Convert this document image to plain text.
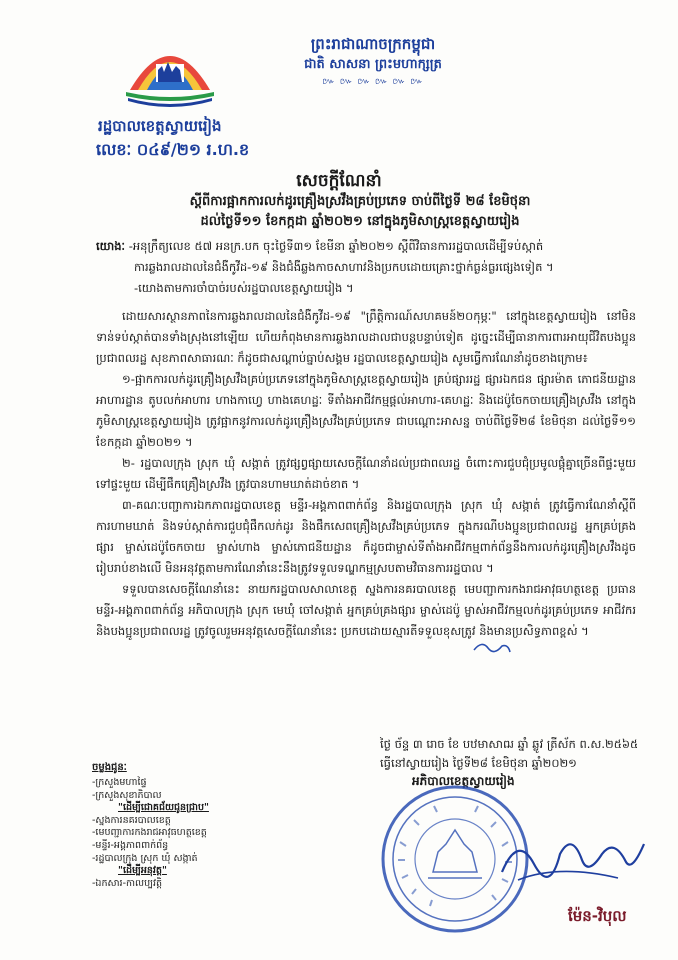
ព្រះរាជាណាចក្រកម្ពុជា
ជាតិ សាសនា ព្រះមហាក្សត្រ
៚ ៚ ៚ ៚ ៚ ៚
រដ្ឋបាលខេត្តស្វាយរៀង
លេខៈ ០៤៩/២១ រ.ហ.ខ
សេចក្តីណែនាំ
ស្តីពីការផ្អាកការលក់ដូរគ្រឿងស្រវឹងគ្រប់ប្រភេទ ចាប់ពីថ្ងៃទី ២៨ ខែមិថុនា
ដល់ថ្ងៃទី១១ ខែកក្កដា ឆ្នាំ២០២១ នៅក្នុងភូមិសាស្ត្រខេត្តស្វាយរៀង
យោងៈ -អនុក្រឹត្យលេខ ៥៧ អនក្រ.បក ចុះថ្ងៃទី៣១ ខែមីនា ឆ្នាំ២០២១ ស្តីពីវិធានការរដ្ឋបាលដើម្បីទប់ស្កាត់
ការឆ្លងរាលដាលនៃជំងឺកូវីដ-១៩ និងជំងឺឆ្លងកាចសាហាវនិងប្រកបដោយគ្រោះថ្នាក់ធ្ងន់ធ្ងរផ្សេងទៀត ។
-យោងតាមការចាំបាច់របស់រដ្ឋបាលខេត្តស្វាយរៀង ។
ដោយសារស្ថានភាពនៃការឆ្លងរាលដាលនៃជំងឺកូវីដ-១៩ "ព្រឹត្តិការណ៍សហគមន៍២០កុម្ភៈ" នៅក្នុងខេត្តស្វាយរៀង នៅមិនទាន់ទប់ស្កាត់បានទាំងស្រុងនៅឡើយ ហើយកំពុងមានការឆ្លងរាលដាលជាបន្តបន្ទាប់ទៀត ដូច្នេះដើម្បីធានាការពារអាយុជីវិតបងប្អូនប្រជាពលរដ្ឋ សុខភាពសាធារណៈ ក៏ដូចជាសណ្តាប់ធ្នាប់សង្គម រដ្ឋបាលខេត្តស្វាយរៀង សូមធ្វើការណែនាំដូចខាងក្រោម៖
១-ផ្អាកការលក់ដូរគ្រឿងស្រវឹងគ្រប់ប្រភេទនៅក្នុងភូមិសាស្ត្រខេត្តស្វាយរៀង គ្រប់ផ្សាររដ្ឋ ផ្សារឯកជន ផ្សារម៉ាត ភោជនីយដ្ឋាន អាហារដ្ឋាន តូបលក់អាហារ ហាងកាហ្វេ ហាងគេហដ្ឋៈ ទីតាំងអាជីវកម្មផ្តល់អាហារ-គេហដ្ឋៈ និងដេប៉ូចែកចាយគ្រឿងស្រវឹង នៅក្នុងភូមិសាស្ត្រខេត្តស្វាយរៀង ត្រូវផ្អាកនូវការលក់ដូរគ្រឿងស្រវឹងគ្រប់ប្រភេទ ជាបណ្តោះអាសន្ន ចាប់ពីថ្ងៃទី២៨ ខែមិថុនា ដល់ថ្ងៃទី១១ ខែកក្កដា ឆ្នាំ២០២១ ។
២- រដ្ឋបាលក្រុង ស្រុក ឃុំ សង្កាត់ ត្រូវផ្សព្វផ្សាយសេចក្តីណែនាំដល់ប្រជាពលរដ្ឋ ចំពោះការជួបជុំប្រមូលផ្តុំគ្នាច្រើនពីផ្ទះមួយទៅផ្ទះមួយ ដើម្បីផឹកគ្រឿងស្រវឹង ត្រូវបានហាមឃាត់ដាច់ខាត ។
៣-គណៈបញ្ជាការឯកភាពរដ្ឋបាលខេត្ត មន្ទីរ-អង្គភាពពាក់ព័ន្ធ និងរដ្ឋបាលក្រុង ស្រុក ឃុំ សង្កាត់ ត្រូវធ្វើការណែនាំស្តីពីការហាមឃាត់ និងទប់ស្កាត់ការជួបជុំផឹកលក់ដូរ និងផឹកសេពគ្រឿងស្រវឹងគ្រប់ប្រភេទ ក្នុងករណីបងប្អូនប្រជាពលរដ្ឋ អ្នកគ្រប់គ្រងផ្សារ ម្ចាស់ដេប៉ូចែកចាយ ម្ចាស់ហាង ម្ចាស់ភោជនីយដ្ឋាន ក៏ដូចជាម្ចាស់ទីតាំងអាជីវកម្មពាក់ព័ន្ធនឹងការលក់ដូរគ្រឿងស្រវឹងដូចរៀបរាប់ខាងលើ មិនអនុវត្តតាមការណែនាំនេះនឹងត្រូវទទួលទណ្ឌកម្មស្របតាមវិធានការរដ្ឋបាល ។
ទទួលបានសេចក្តីណែនាំនេះ នាយករដ្ឋបាលសាលាខេត្ត ស្នងការនគរបាលខេត្ត មេបញ្ជាការកងរាជអាវុធហត្ថខេត្ត ប្រធានមន្ទីរ-អង្គភាពពាក់ព័ន្ធ អភិបាលក្រុង ស្រុក មេឃុំ ចៅសង្កាត់ អ្នកគ្រប់គ្រងផ្សារ ម្ចាស់ដេប៉ូ ម្ចាស់អាជីវកម្មលក់ដូរគ្រប់ប្រភេទ អាជីវករ និងបងប្អូនប្រជាពលរដ្ឋ ត្រូវចូលរួមអនុវត្តសេចក្តីណែនាំនេះ ប្រកបដោយស្មារតីទទួលខុសត្រូវ និងមានប្រសិទ្ធភាពខ្ពស់ ។
ថ្ងៃ ច័ន្ទ ៣ រោច ខែ បឋមាសាឍ ឆ្នាំ ឆ្លូវ ត្រីស័ក ព.ស.២៥៦៥
ធ្វើនៅស្វាយរៀង ថ្ងៃទី២៨ ខែមិថុនា ឆ្នាំ២០២១
អភិបាលខេត្តស្វាយរៀង
ម៉ែន-វិបុល
ចម្លងជូនៈ
-ក្រសួងមហាផ្ទៃ
-ក្រសួងសុខាភិបាល
"ដើម្បីជោគជ័យជូនជ្រាប"
-ស្នងការនគរបាលខេត្ត
-មេបញ្ជាការកងរាជអាវុធហត្ថខេត្ត
-មន្ទីរ-អង្គភាពពាក់ព័ន្ធ
-រដ្ឋបាលក្រុង ស្រុក ឃុំ សង្កាត់
"ដើម្បីអនុវត្ត"
-ឯកសារ-កាលប្បវត្តិ
